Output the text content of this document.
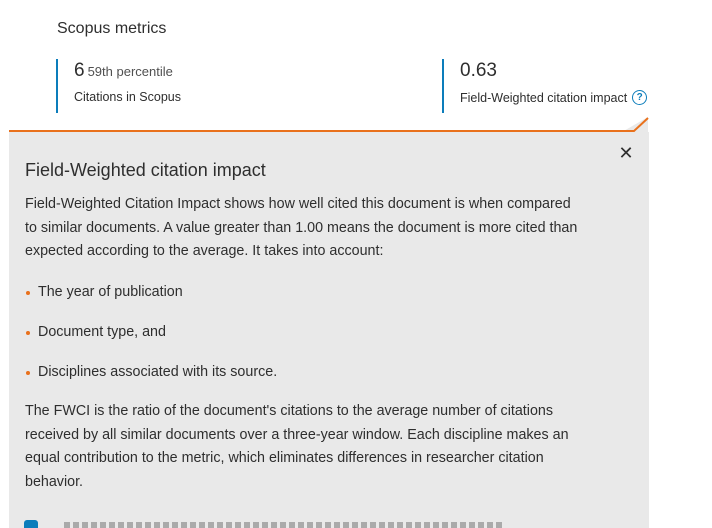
Scopus metrics
6 59th percentile
Citations in Scopus
0.63
Field-Weighted citation impact ?
✕
Field-Weighted citation impact

Field-Weighted Citation Impact shows how well cited this document is when compared to similar documents. A value greater than 1.00 means the document is more cited than expected according to the average. It takes into account:

The year of publication
Document type, and
Disciplines associated with its source.

The FWCI is the ratio of the document's citations to the average number of citations received by all similar documents over a three-year window. Each discipline makes an equal contribution to the metric, which eliminates differences in researcher citation behavior.
